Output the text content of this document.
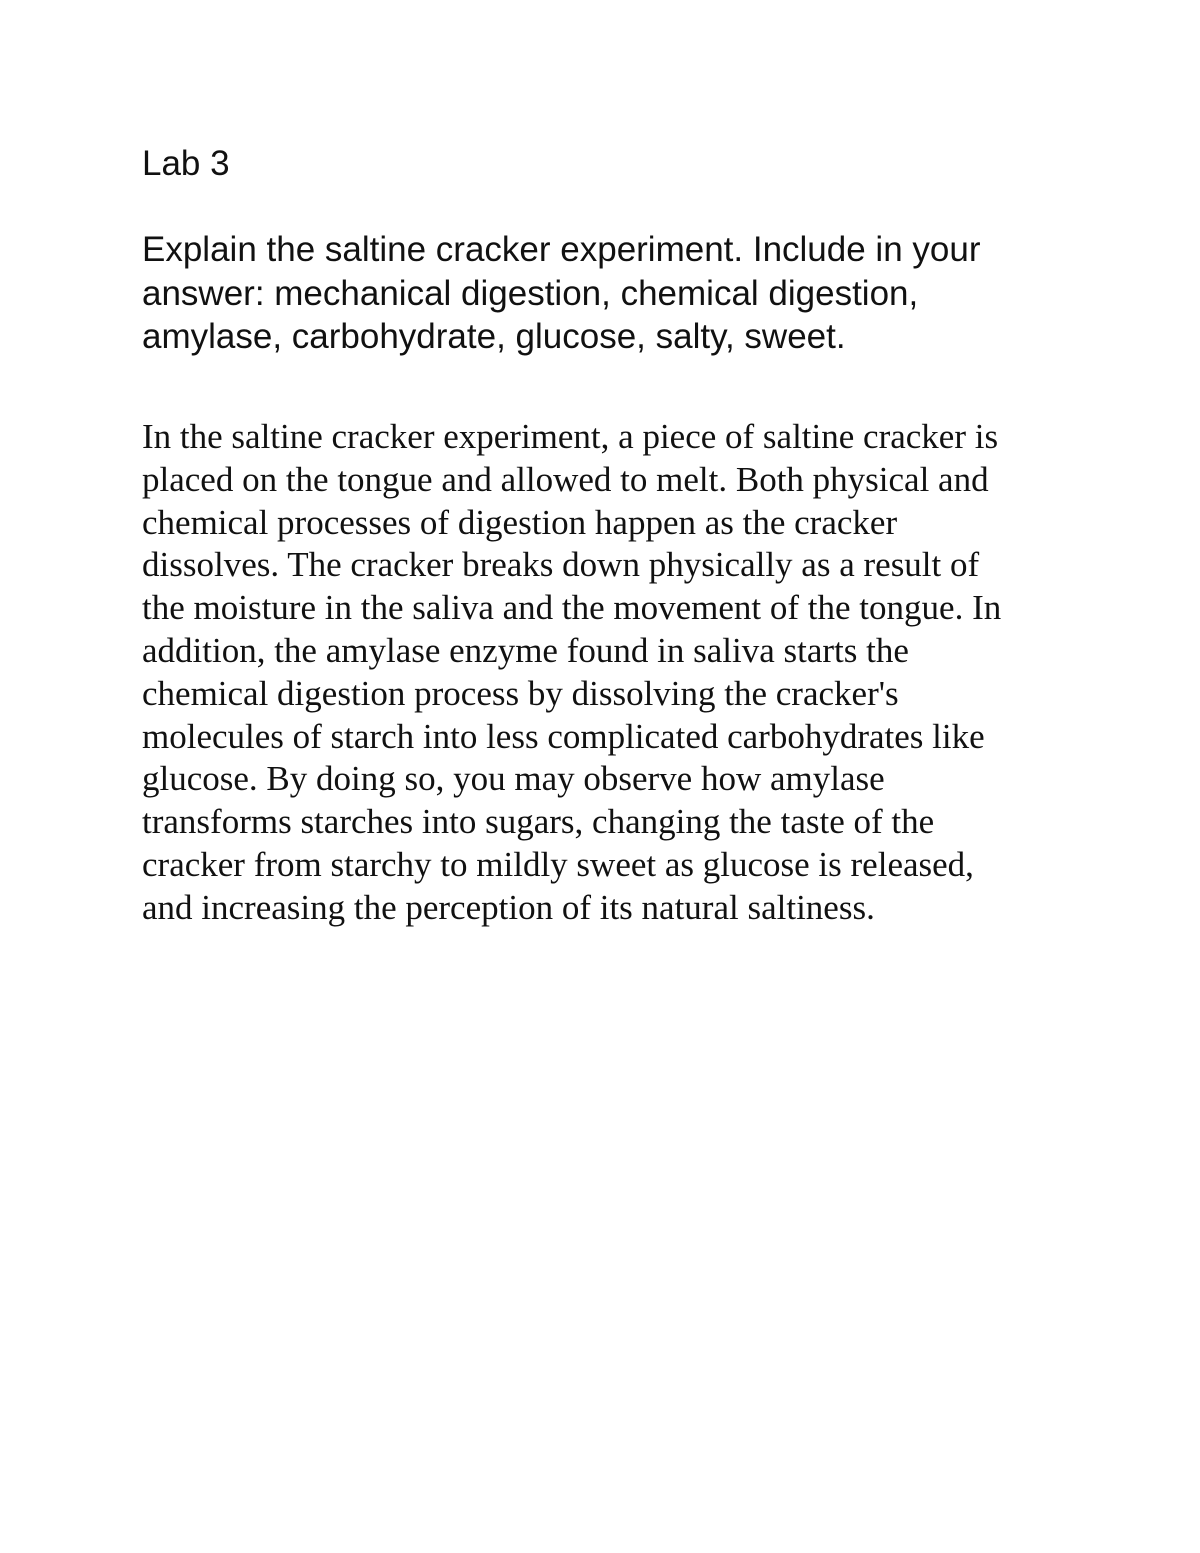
Lab 3

Explain the saltine cracker experiment. Include in your
answer: mechanical digestion, chemical digestion,
amylase, carbohydrate, glucose, salty, sweet.

In the saltine cracker experiment, a piece of saltine cracker is
placed on the tongue and allowed to melt. Both physical and
chemical processes of digestion happen as the cracker
dissolves. The cracker breaks down physically as a result of
the moisture in the saliva and the movement of the tongue. In
addition, the amylase enzyme found in saliva starts the
chemical digestion process by dissolving the cracker's
molecules of starch into less complicated carbohydrates like
glucose. By doing so, you may observe how amylase
transforms starches into sugars, changing the taste of the
cracker from starchy to mildly sweet as glucose is released,
and increasing the perception of its natural saltiness.
